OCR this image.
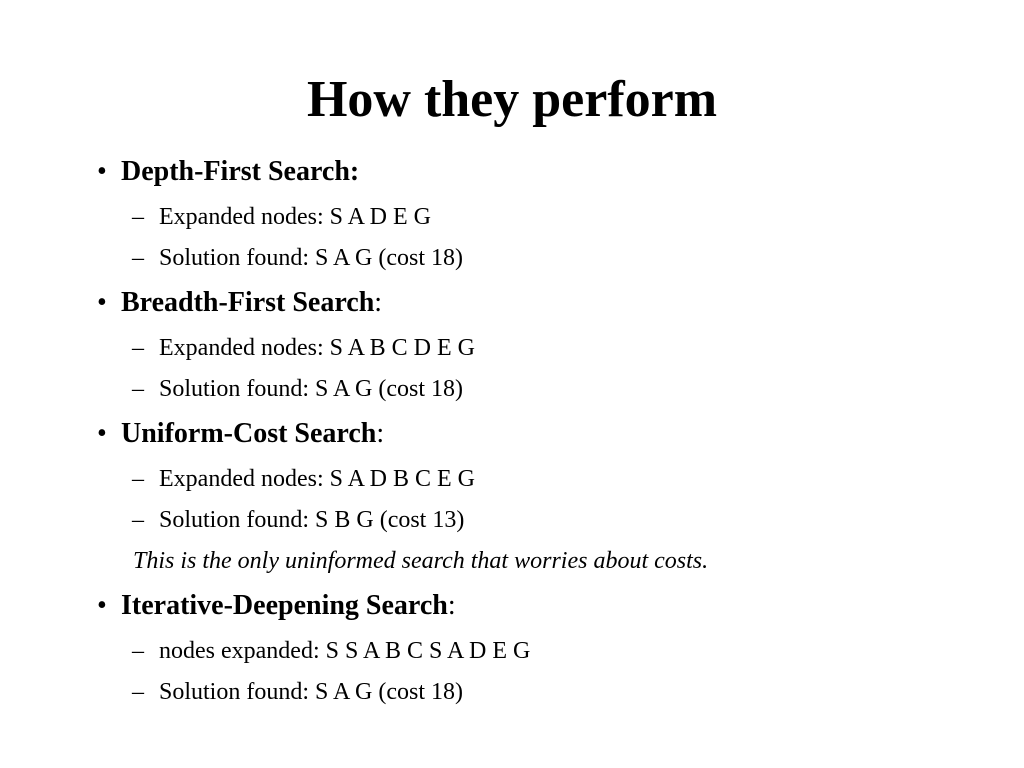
How they perform
• Depth-First Search:
– Expanded nodes: S A D E G
– Solution found: S A G (cost 18)
• Breadth-First Search:
– Expanded nodes: S A B C D E G
– Solution found: S A G (cost 18)
• Uniform-Cost Search:
– Expanded nodes: S A D B C E G
– Solution found: S B G (cost 13)
This is the only uninformed search that worries about costs.
• Iterative-Deepening Search:
– nodes expanded: S S A B C S A D E G
– Solution found: S A G (cost 18)
